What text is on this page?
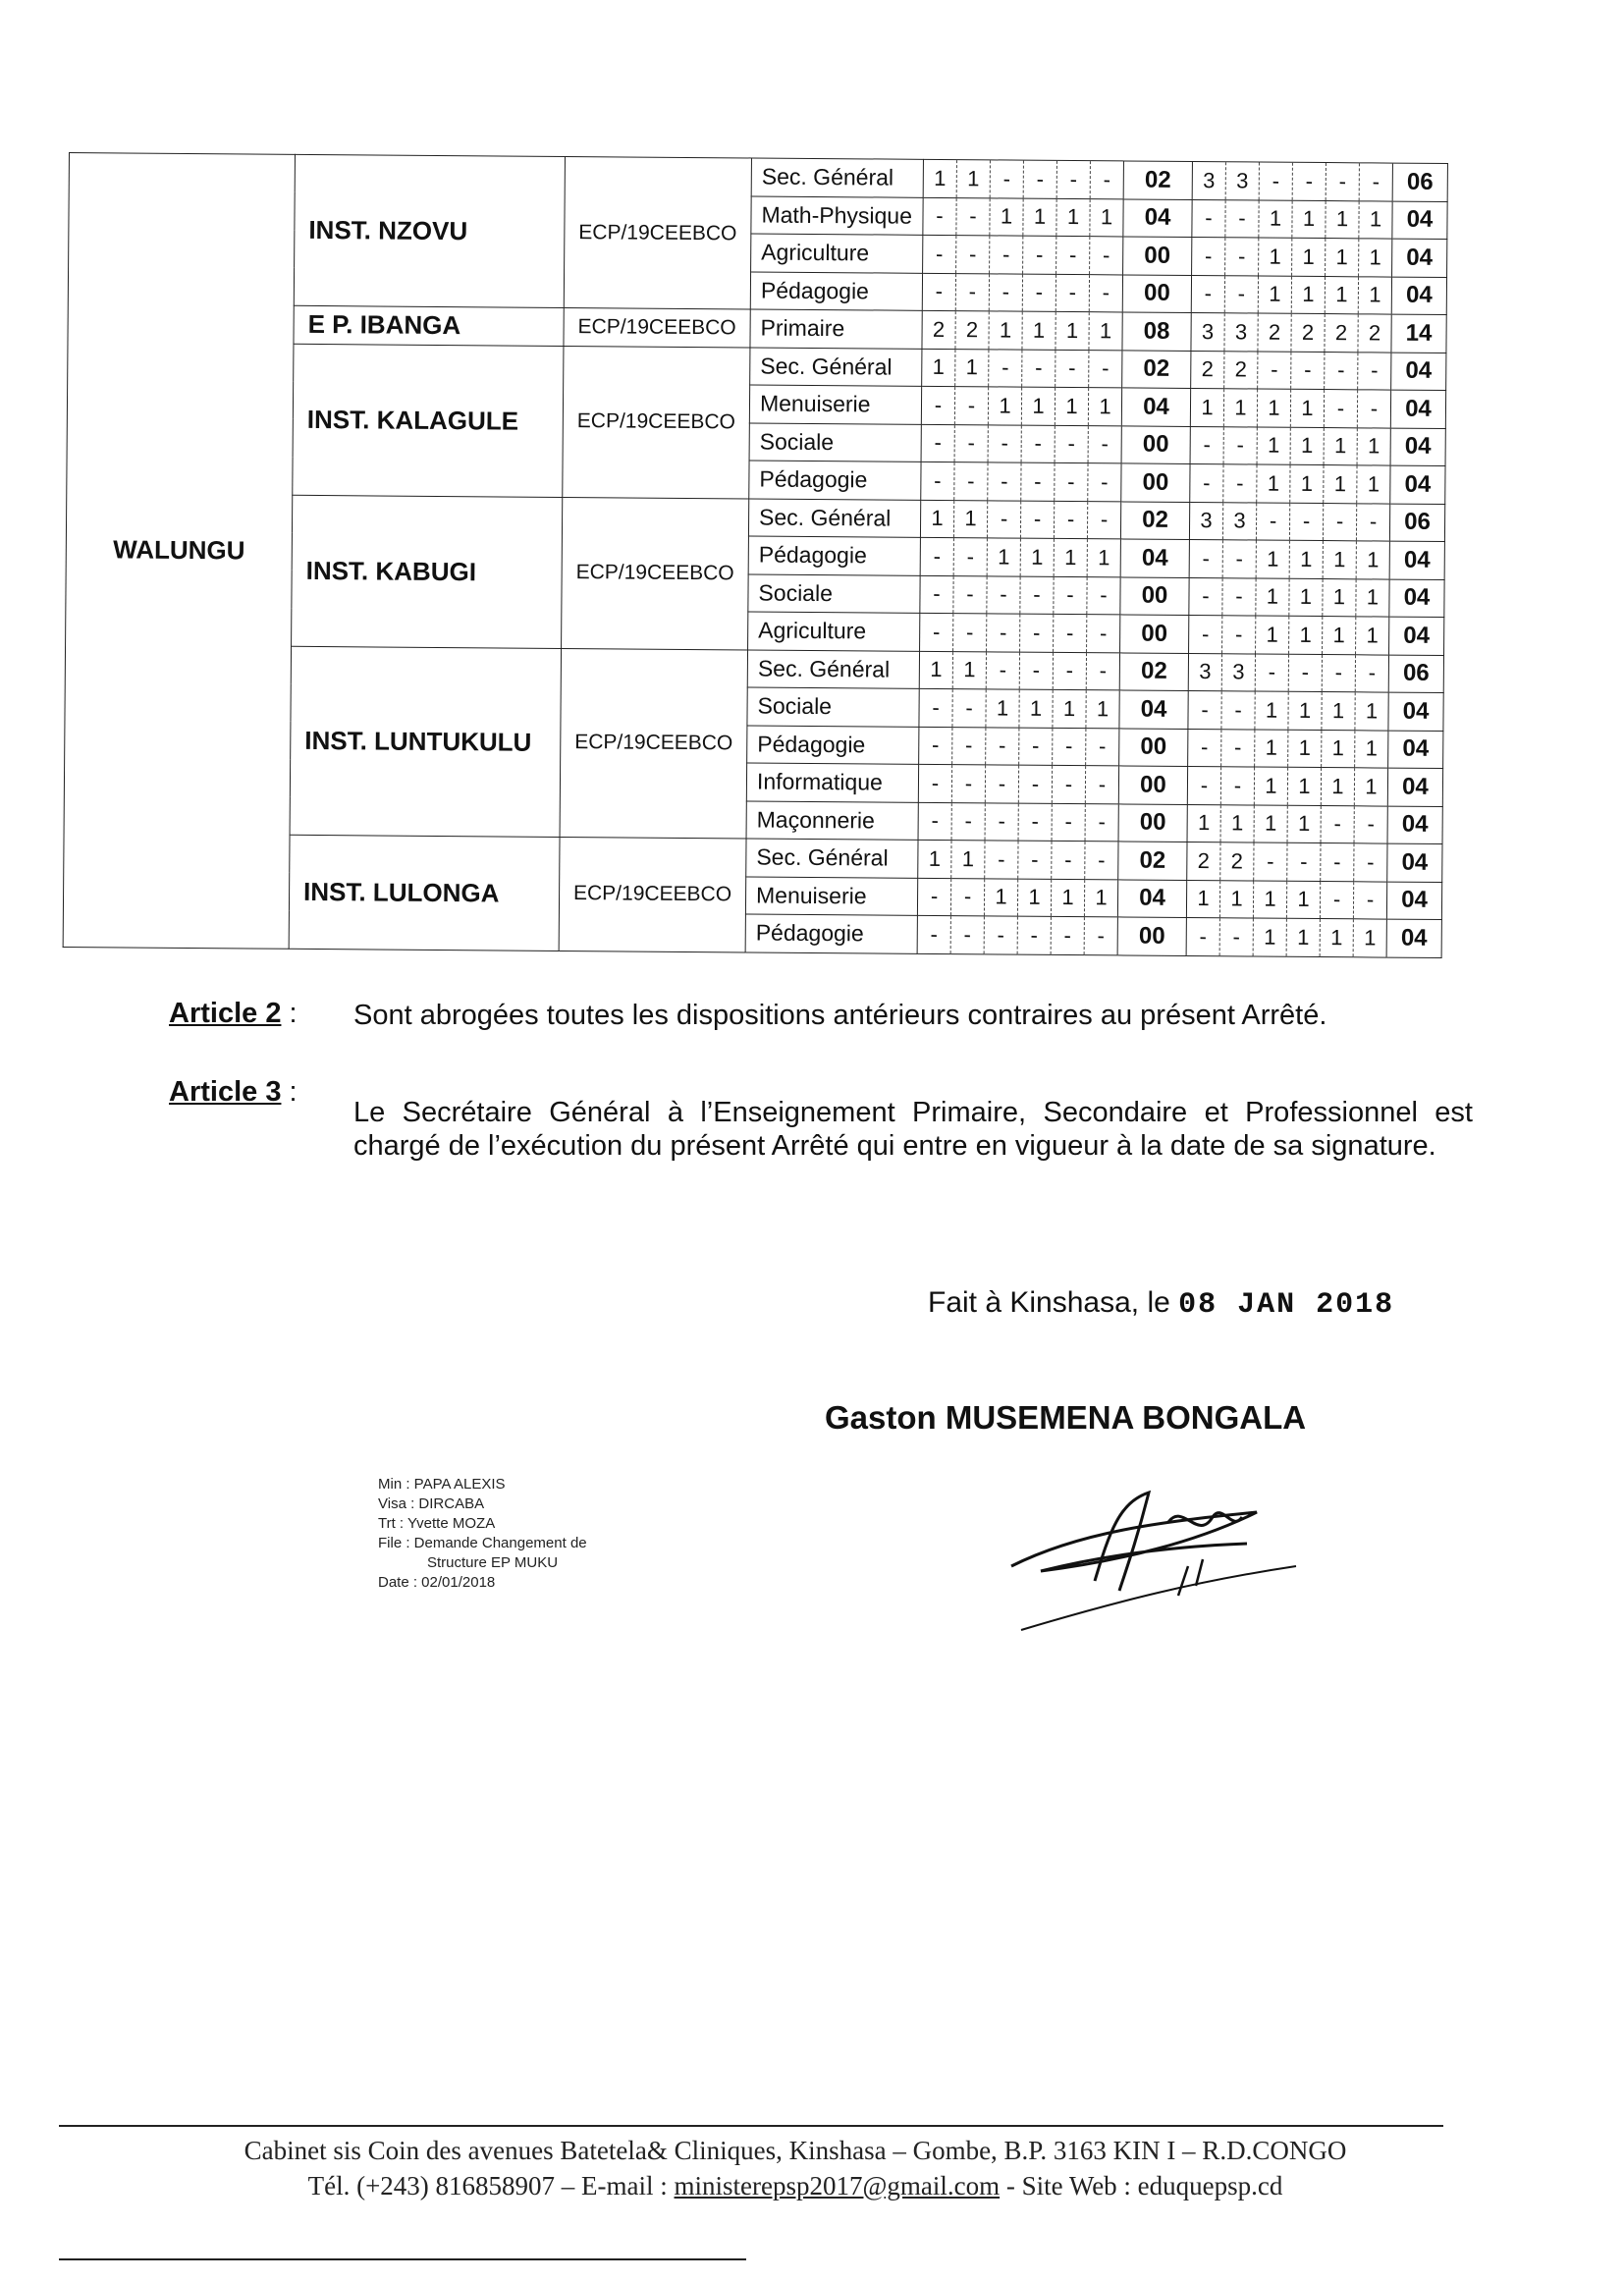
WALUNGU	INST. NZOVU	ECP/19CEEBCO	Sec. Général	1	1	-	-	-	-	02	3	3	-	-	-	-	06
			Math-Physique	-	-	1	1	1	1	04	-	-	1	1	1	1	04
			Agriculture	-	-	-	-	-	-	00	-	-	1	1	1	1	04
			Pédagogie	-	-	-	-	-	-	00	-	-	1	1	1	1	04
	E P. IBANGA	ECP/19CEEBCO	Primaire	2	2	1	1	1	1	08	3	3	2	2	2	2	14
	INST. KALAGULE	ECP/19CEEBCO	Sec. Général	1	1	-	-	-	-	02	2	2	-	-	-	-	04
			Menuiserie	-	-	1	1	1	1	04	1	1	1	1	-	-	04
			Sociale	-	-	-	-	-	-	00	-	-	1	1	1	1	04
			Pédagogie	-	-	-	-	-	-	00	-	-	1	1	1	1	04
	INST. KABUGI	ECP/19CEEBCO	Sec. Général	1	1	-	-	-	-	02	3	3	-	-	-	-	06
			Pédagogie	-	-	1	1	1	1	04	-	-	1	1	1	1	04
			Sociale	-	-	-	-	-	-	00	-	-	1	1	1	1	04
			Agriculture	-	-	-	-	-	-	00	-	-	1	1	1	1	04
	INST. LUNTUKULU	ECP/19CEEBCO	Sec. Général	1	1	-	-	-	-	02	3	3	-	-	-	-	06
			Sociale	-	-	1	1	1	1	04	-	-	1	1	1	1	04
			Pédagogie	-	-	-	-	-	-	00	-	-	1	1	1	1	04
			Informatique	-	-	-	-	-	-	00	-	-	1	1	1	1	04
			Maçonnerie	-	-	-	-	-	-	00	1	1	1	1	-	-	04
	INST. LULONGA	ECP/19CEEBCO	Sec. Général	1	1	-	-	-	-	02	2	2	-	-	-	-	04
			Menuiserie	-	-	1	1	1	1	04	1	1	1	1	-	-	04
			Pédagogie	-	-	-	-	-	-	00	-	-	1	1	1	1	04
Article 2 : Sont abrogées toutes les dispositions antérieurs contraires au présent Arrêté.
Article 3 :
Le Secrétaire Général à l’Enseignement Primaire, Secondaire et Professionnel est chargé de l’exécution du présent Arrêté qui entre en vigueur à la date de sa signature.
Fait à Kinshasa, le 08 JAN 2018
Gaston MUSEMENA BONGALA
Min : PAPA ALEXIS
Visa : DIRCABA
Trt : Yvette MOZA
File : Demande Changement de
Structure EP MUKU
Date : 02/01/2018
Cabinet sis Coin des avenues Batetela& Cliniques, Kinshasa – Gombe, B.P. 3163 KIN I – R.D.CONGO
Tél. (+243) 816858907 – E-mail : ministerepsp2017@gmail.com - Site Web : eduquepsp.cd
